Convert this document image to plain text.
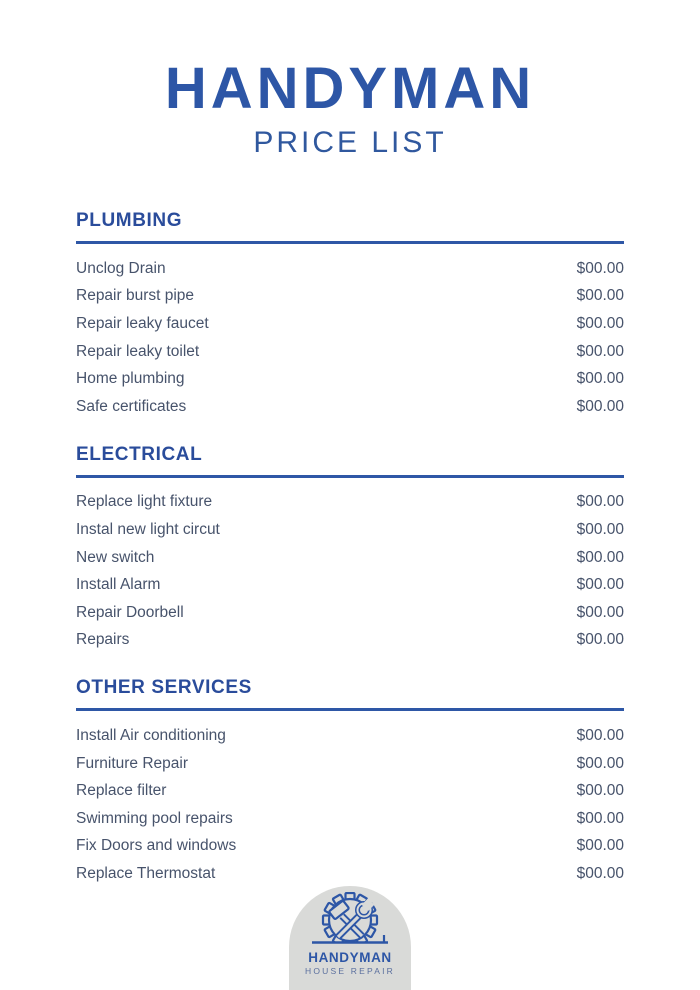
HANDYMAN
PRICE LIST
PLUMBING
Unclog Drain	$00.00
Repair burst pipe	$00.00
Repair leaky faucet	$00.00
Repair leaky toilet	$00.00
Home plumbing	$00.00
Safe certificates	$00.00
ELECTRICAL
Replace light fixture	$00.00
Instal new light circut	$00.00
New switch	$00.00
Install Alarm	$00.00
Repair Doorbell	$00.00
Repairs	$00.00
OTHER SERVICES
Install Air conditioning	$00.00
Furniture Repair	$00.00
Replace filter	$00.00
Swimming pool repairs	$00.00
Fix Doors and windows	$00.00
Replace Thermostat	$00.00
HANDYMAN
HOUSE REPAIR
